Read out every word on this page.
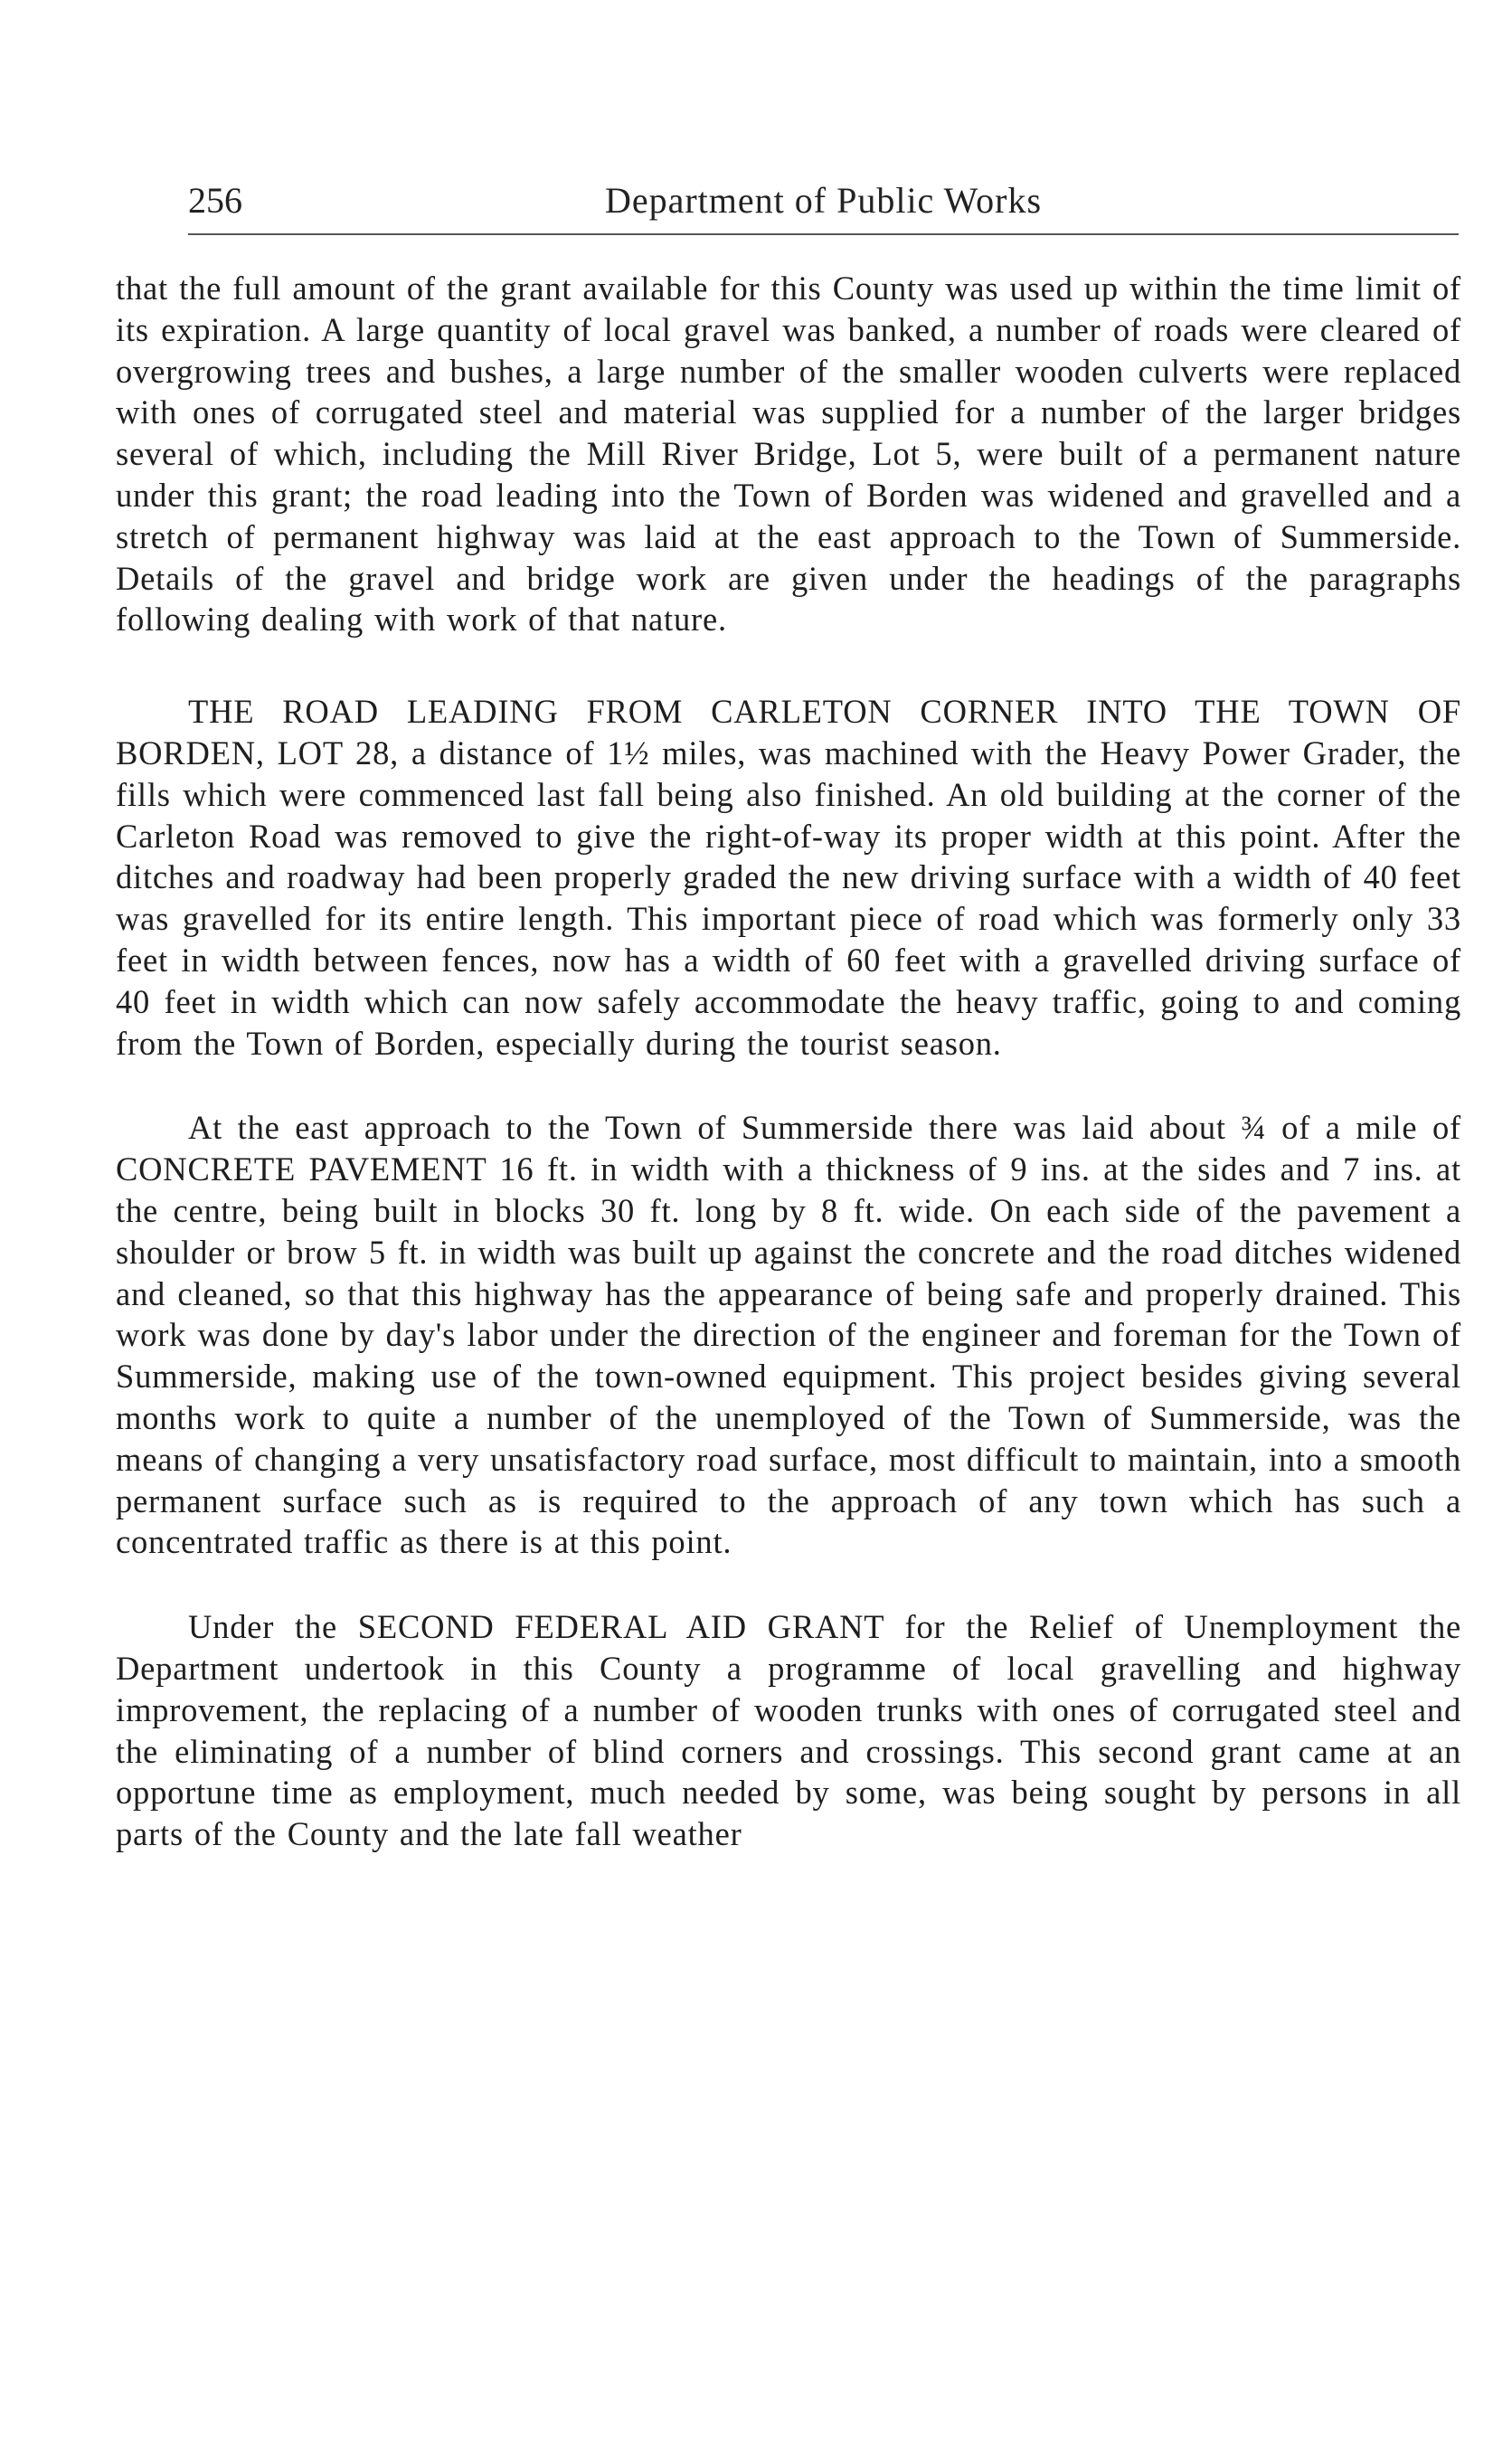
256	Department of Public Works

that the full amount of the grant available for this County was used up within the time limit of its expiration. A large quantity of local gravel was banked, a number of roads were cleared of overgrowing trees and bushes, a large number of the smaller wooden culverts were replaced with ones of corrugated steel and material was supplied for a number of the larger bridges several of which, including the Mill River Bridge, Lot 5, were built of a permanent nature under this grant; the road leading into the Town of Borden was widened and gravelled and a stretch of permanent highway was laid at the east approach to the Town of Summerside. Details of the gravel and bridge work are given under the headings of the paragraphs following dealing with work of that nature.

THE ROAD LEADING FROM CARLETON CORNER INTO THE TOWN OF BORDEN, LOT 28, a distance of 1½ miles, was machined with the Heavy Power Grader, the fills which were commenced last fall being also finished. An old building at the corner of the Carleton Road was removed to give the right-of-way its proper width at this point. After the ditches and roadway had been properly graded the new driving surface with a width of 40 feet was gravelled for its entire length. This important piece of road which was formerly only 33 feet in width between fences, now has a width of 60 feet with a gravelled driving surface of 40 feet in width which can now safely accommodate the heavy traffic, going to and coming from the Town of Borden, especially during the tourist season.

At the east approach to the Town of Summerside there was laid about ¾ of a mile of CONCRETE PAVEMENT 16 ft. in width with a thickness of 9 ins. at the sides and 7 ins. at the centre, being built in blocks 30 ft. long by 8 ft. wide. On each side of the pavement a shoulder or brow 5 ft. in width was built up against the concrete and the road ditches widened and cleaned, so that this highway has the appearance of being safe and properly drained. This work was done by day's labor under the direction of the engineer and foreman for the Town of Summerside, making use of the town-owned equipment. This project besides giving several months work to quite a number of the unemployed of the Town of Summerside, was the means of changing a very unsatisfactory road surface, most difficult to maintain, into a smooth permanent surface such as is required to the approach of any town which has such a concentrated traffic as there is at this point.

Under the SECOND FEDERAL AID GRANT for the Relief of Unemployment the Department undertook in this County a programme of local gravelling and highway improvement, the replacing of a number of wooden trunks with ones of corrugated steel and the eliminating of a number of blind corners and crossings. This second grant came at an opportune time as employment, much needed by some, was being sought by persons in all parts of the County and the late fall weather
